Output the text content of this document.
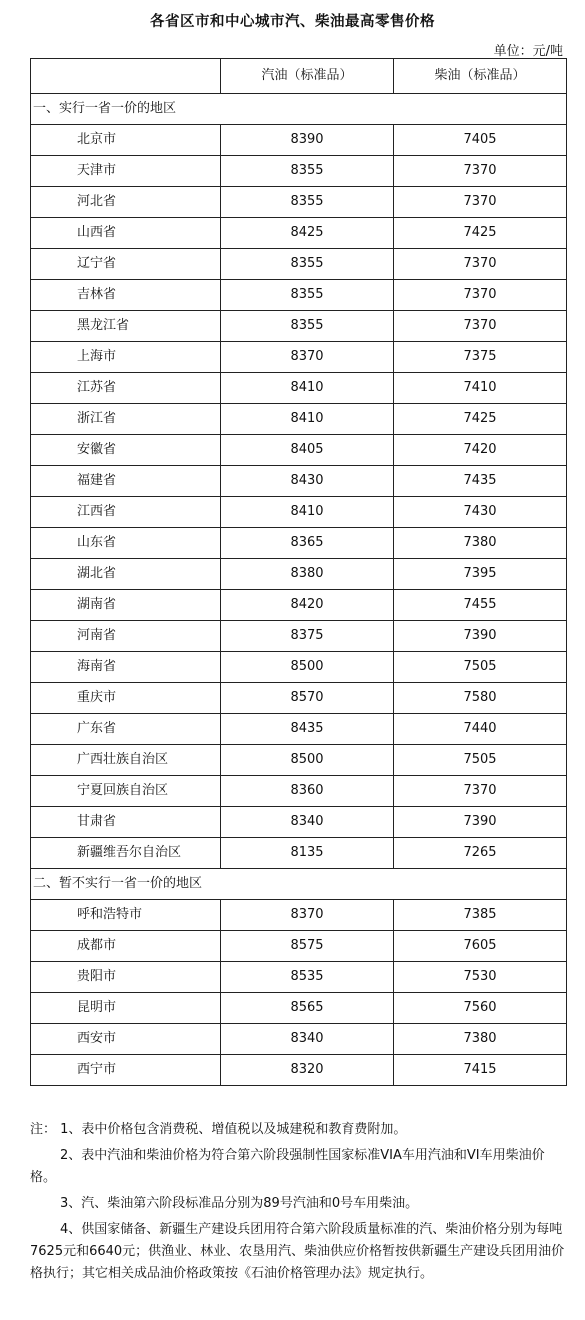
各省区市和中心城市汽、柴油最高零售价格
单位：元/吨
	汽油（标准品）	柴油（标准品）
一、实行一省一价的地区		
北京市	8390	7405
天津市	8355	7370
河北省	8355	7370
山西省	8425	7425
辽宁省	8355	7370
吉林省	8355	7370
黑龙江省	8355	7370
上海市	8370	7375
江苏省	8410	7410
浙江省	8410	7425
安徽省	8405	7420
福建省	8430	7435
江西省	8410	7430
山东省	8365	7380
湖北省	8380	7395
湖南省	8420	7455
河南省	8375	7390
海南省	8500	7505
重庆市	8570	7580
广东省	8435	7440
广西壮族自治区	8500	7505
宁夏回族自治区	8360	7370
甘肃省	8340	7390
新疆维吾尔自治区	8135	7265
二、暂不实行一省一价的地区		
呼和浩特市	8370	7385
成都市	8575	7605
贵阳市	8535	7530
昆明市	8565	7560
西安市	8340	7380
西宁市	8320	7415

注： 1、表中价格包含消费税、增值税以及城建税和教育费附加。

2、表中汽油和柴油价格为符合第六阶段强制性国家标准VIA车用汽油和VI车用柴油价格。

3、汽、柴油第六阶段标准品分别为89号汽油和0号车用柴油。

4、供国家储备、新疆生产建设兵团用符合第六阶段质量标准的汽、柴油价格分别为每吨7625元和6640元；供渔业、林业、农垦用汽、柴油供应价格暂按供新疆生产建设兵团用油价格执行；其它相关成品油价格政策按《石油价格管理办法》规定执行。
